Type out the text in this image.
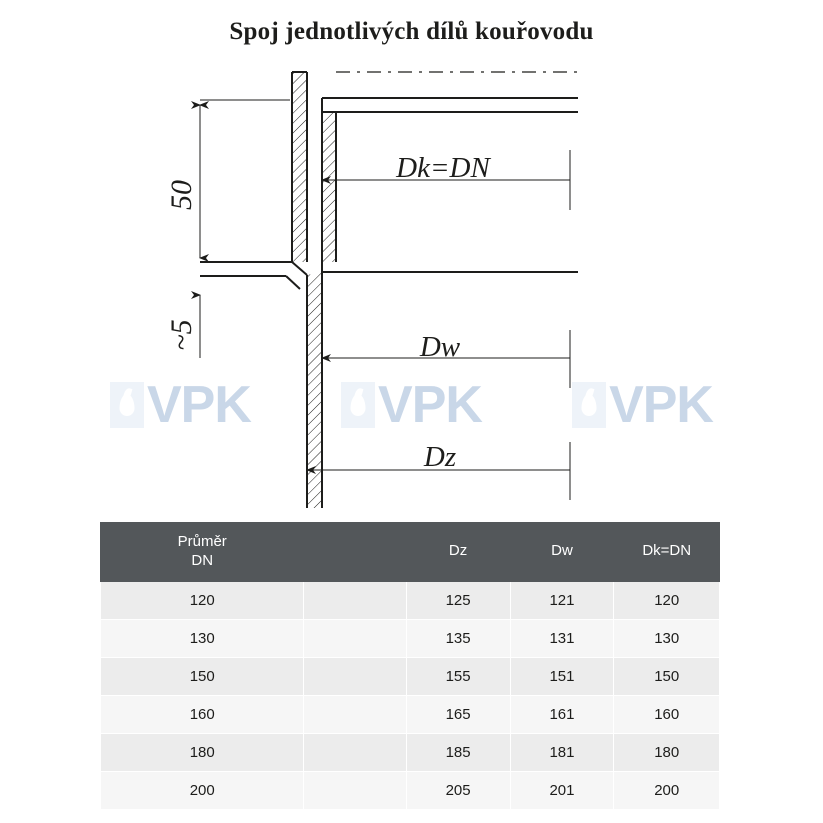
Spoj jednotlivých dílů kouřovodu
50
~5
Dk=DN
Dw
Dz
VPK VPK VPK
Průměr
DN		Dz	Dw	Dk=DN
120		125	121	120
130		135	131	130
150		155	151	150
160		165	161	160
180		185	181	180
200		205	201	200
